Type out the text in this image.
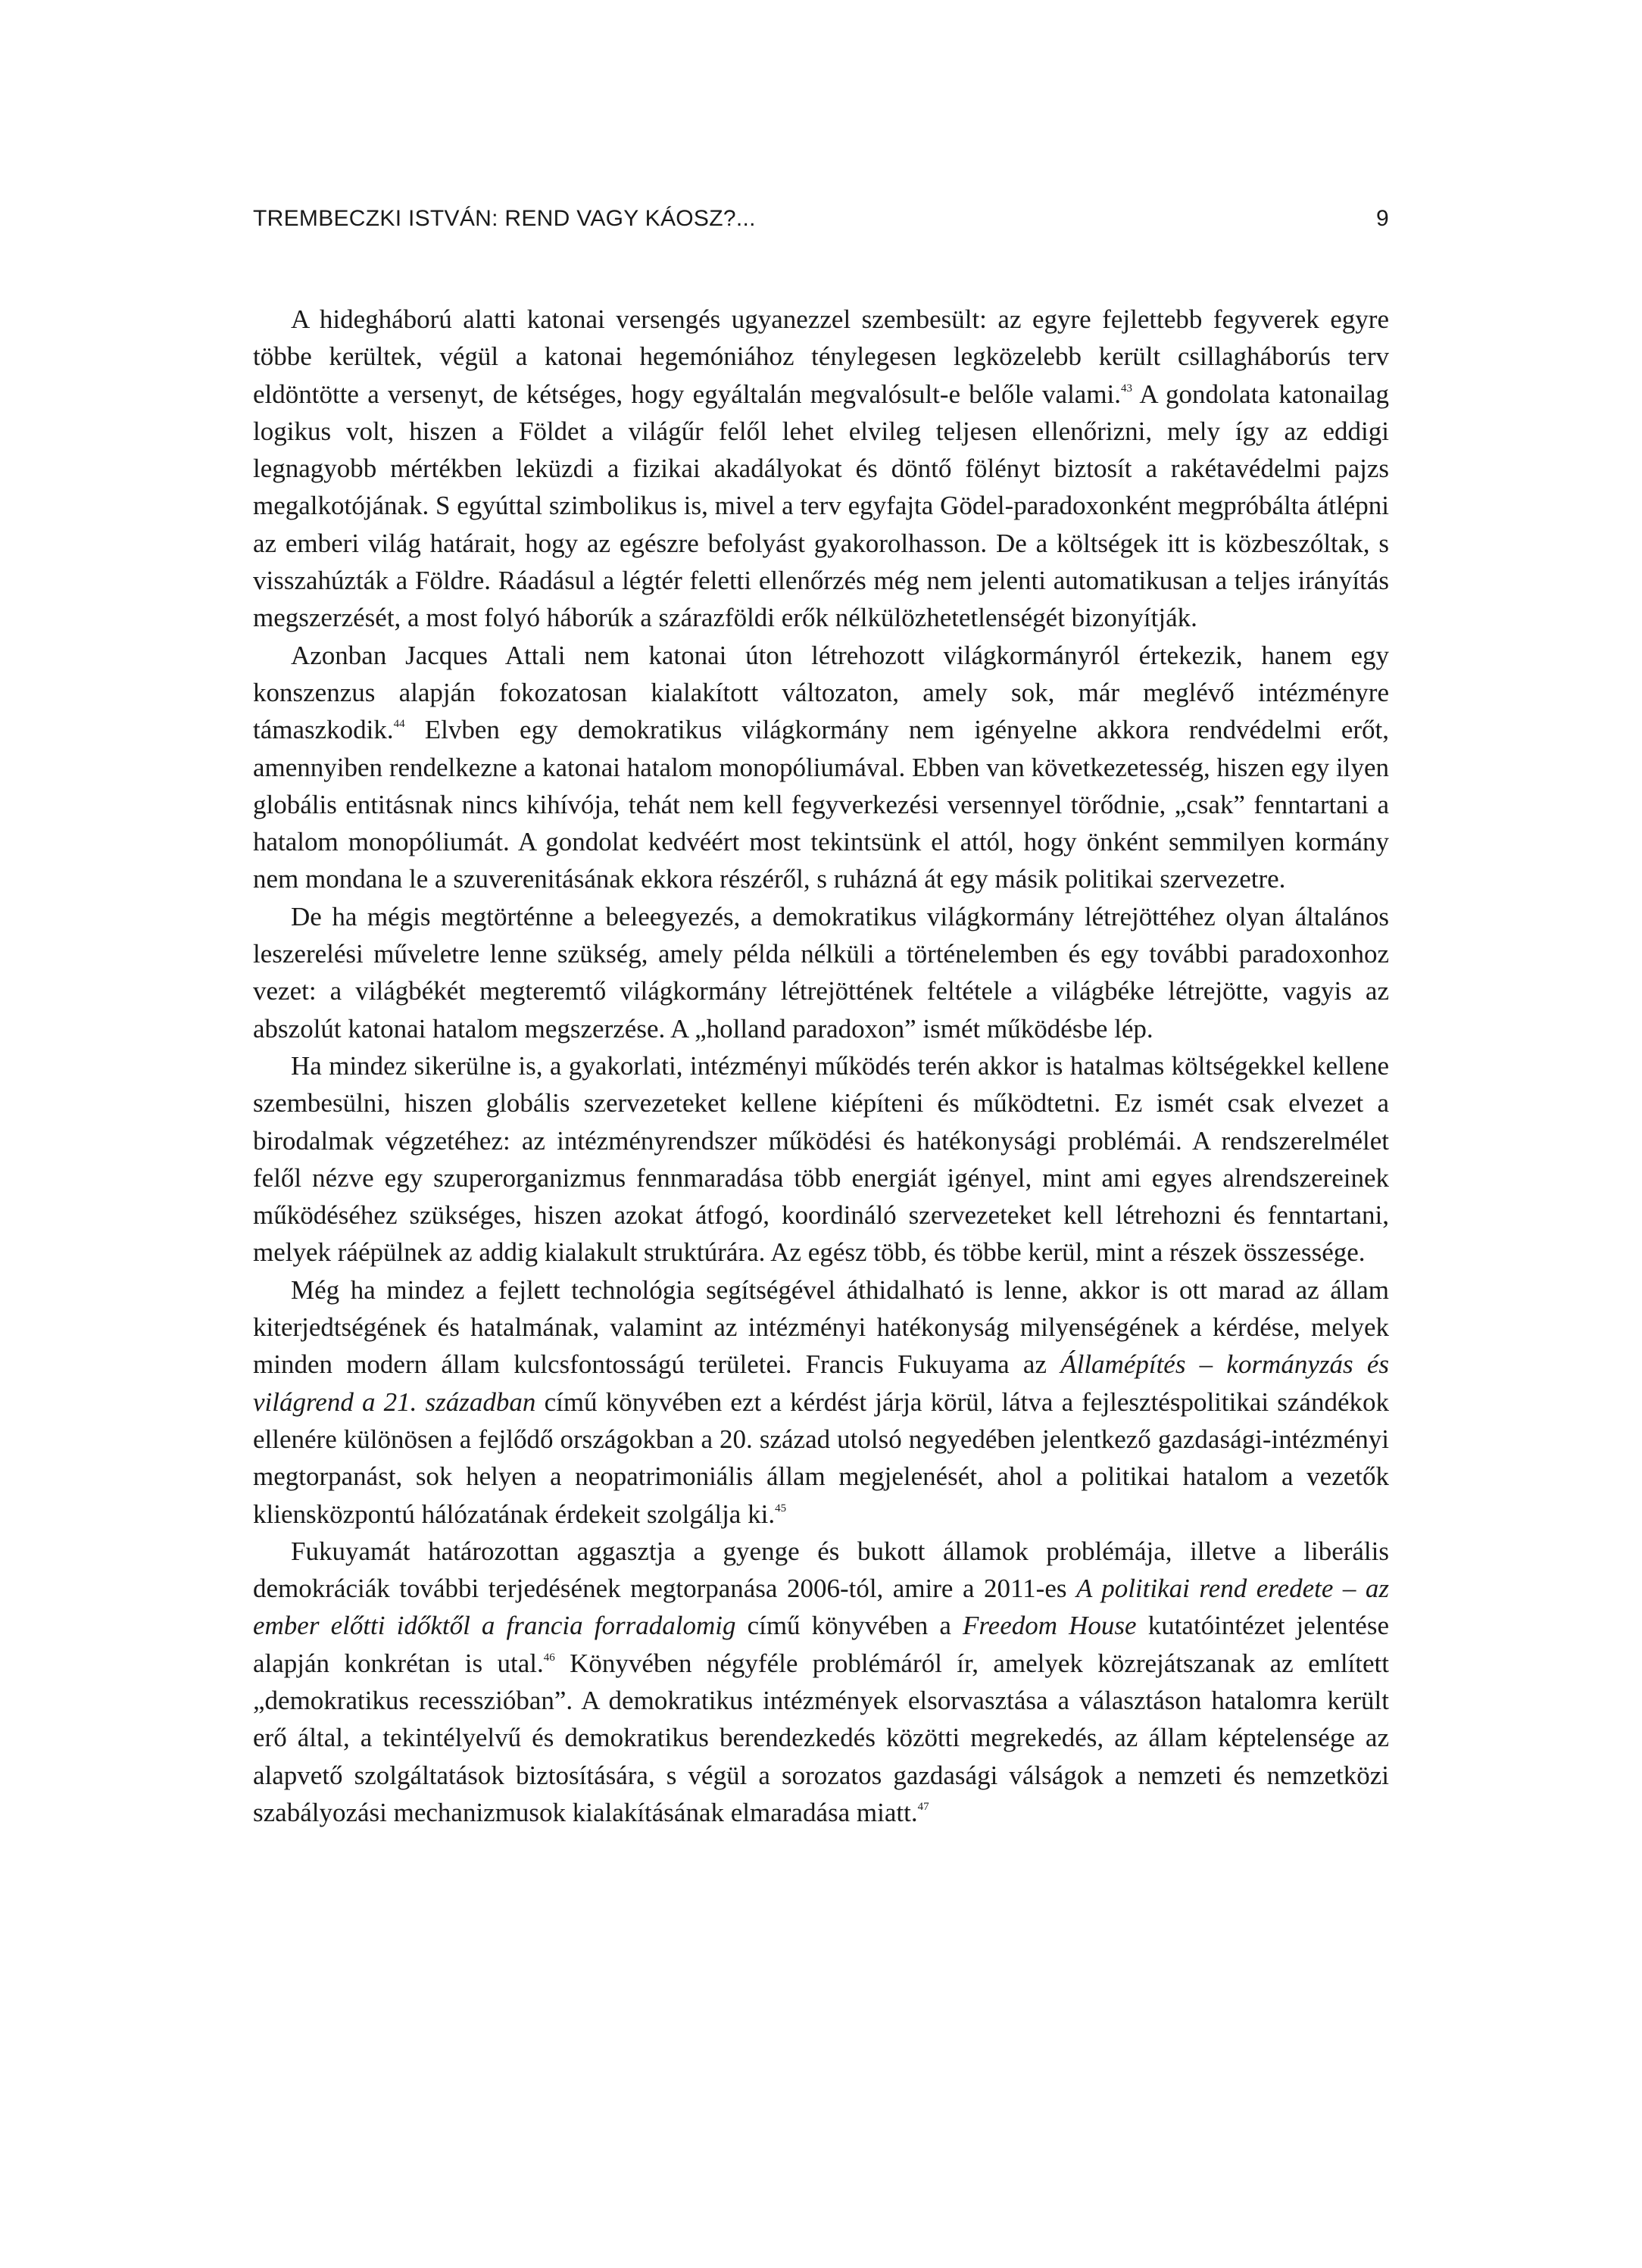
TREMBECZKI ISTVÁN: REND VAGY KÁOSZ?...	9

A hidegháború alatti katonai versengés ugyanezzel szembesült: az egyre fejlettebb fegyverek egyre többe kerültek, végül a katonai hegemóniához ténylegesen legközelebb került csillagháborús terv eldöntötte a versenyt, de kétséges, hogy egyáltalán megvalósult-e belőle valami.$^{43}$ A gondolata katonailag logikus volt, hiszen a Földet a világűr felől lehet elvileg teljesen ellenőrizni, mely így az eddigi legnagyobb mértékben leküzdi a fizikai akadályokat és döntő fölényt biztosít a rakétavédelmi pajzs megalkotójának. S egyúttal szimbolikus is, mivel a terv egyfajta Gödel-paradoxonként megpróbálta átlépni az emberi világ határait, hogy az egészre befolyást gyakorolhasson. De a költségek itt is közbeszóltak, s visszahúzták a Földre. Ráadásul a légtér feletti ellenőrzés még nem jelenti automatikusan a teljes irányítás megszerzését, a most folyó háborúk a szárazföldi erők nélkülözhetetlenségét bizonyítják.

Azonban Jacques Attali nem katonai úton létrehozott világkormányról értekezik, hanem egy konszenzus alapján fokozatosan kialakított változaton, amely sok, már meglévő intézményre támaszkodik.$^{44}$ Elvben egy demokratikus világkormány nem igényelne akkora rendvédelmi erőt, amennyiben rendelkezne a katonai hatalom monopóliumával. Ebben van következetesség, hiszen egy ilyen globális entitásnak nincs kihívója, tehát nem kell fegyverkezési versennyel törődnie, „csak” fenntartani a hatalom monopóliumát. A gondolat kedvéért most tekintsünk el attól, hogy önként semmilyen kormány nem mondana le a szuverenitásának ekkora részéről, s ruházná át egy másik politikai szervezetre.

De ha mégis megtörténne a beleegyezés, a demokratikus világkormány létrejöttéhez olyan általános leszerelési műveletre lenne szükség, amely példa nélküli a történelemben és egy további paradoxonhoz vezet: a világbékét megteremtő világkormány létrejöttének feltétele a világbéke létrejötte, vagyis az abszolút katonai hatalom megszerzése. A „holland paradoxon” ismét működésbe lép.

Ha mindez sikerülne is, a gyakorlati, intézményi működés terén akkor is hatalmas költségekkel kellene szembesülni, hiszen globális szervezeteket kellene kiépíteni és működtetni. Ez ismét csak elvezet a birodalmak végzetéhez: az intézményrendszer működési és hatékonysági problémái. A rendszerelmélet felől nézve egy szuperorganizmus fennmaradása több energiát igényel, mint ami egyes alrendszereinek működéséhez szükséges, hiszen azokat átfogó, koordináló szervezeteket kell létrehozni és fenntartani, melyek ráépülnek az addig kialakult struktúrára. Az egész több, és többe kerül, mint a részek összessége.

Még ha mindez a fejlett technológia segítségével áthidalható is lenne, akkor is ott marad az állam kiterjedtségének és hatalmának, valamint az intézményi hatékonyság milyenségének a kérdése, melyek minden modern állam kulcsfontosságú területei. Francis Fukuyama az Államépítés – kormányzás és világrend a 21. században című könyvében ezt a kérdést járja körül, látva a fejlesztéspolitikai szándékok ellenére különösen a fejlődő országokban a 20. század utolsó negyedében jelentkező gazdasági-intézményi megtorpanást, sok helyen a neopatrimoniális állam megjelenését, ahol a politikai hatalom a vezetők kliensközpontú hálózatának érdekeit szolgálja ki.$^{45}$

Fukuyamát határozottan aggasztja a gyenge és bukott államok problémája, illetve a liberális demokráciák további terjedésének megtorpanása 2006-tól, amire a 2011-es A politikai rend eredete – az ember előtti időktől a francia forradalomig című könyvében a Freedom House kutatóintézet jelentése alapján konkrétan is utal.$^{46}$ Könyvében négyféle problémáról ír, amelyek közrejátszanak az említett „demokratikus recesszióban”. A demokratikus intézmények elsorvasztása a választáson hatalomra került erő által, a tekintélyelvű és demokratikus berendezkedés közötti megrekedés, az állam képtelensége az alapvető szolgáltatások biztosítására, s végül a sorozatos gazdasági válságok a nemzeti és nemzetközi szabályozási mechanizmusok kialakításának elmaradása miatt.$^{47}$
